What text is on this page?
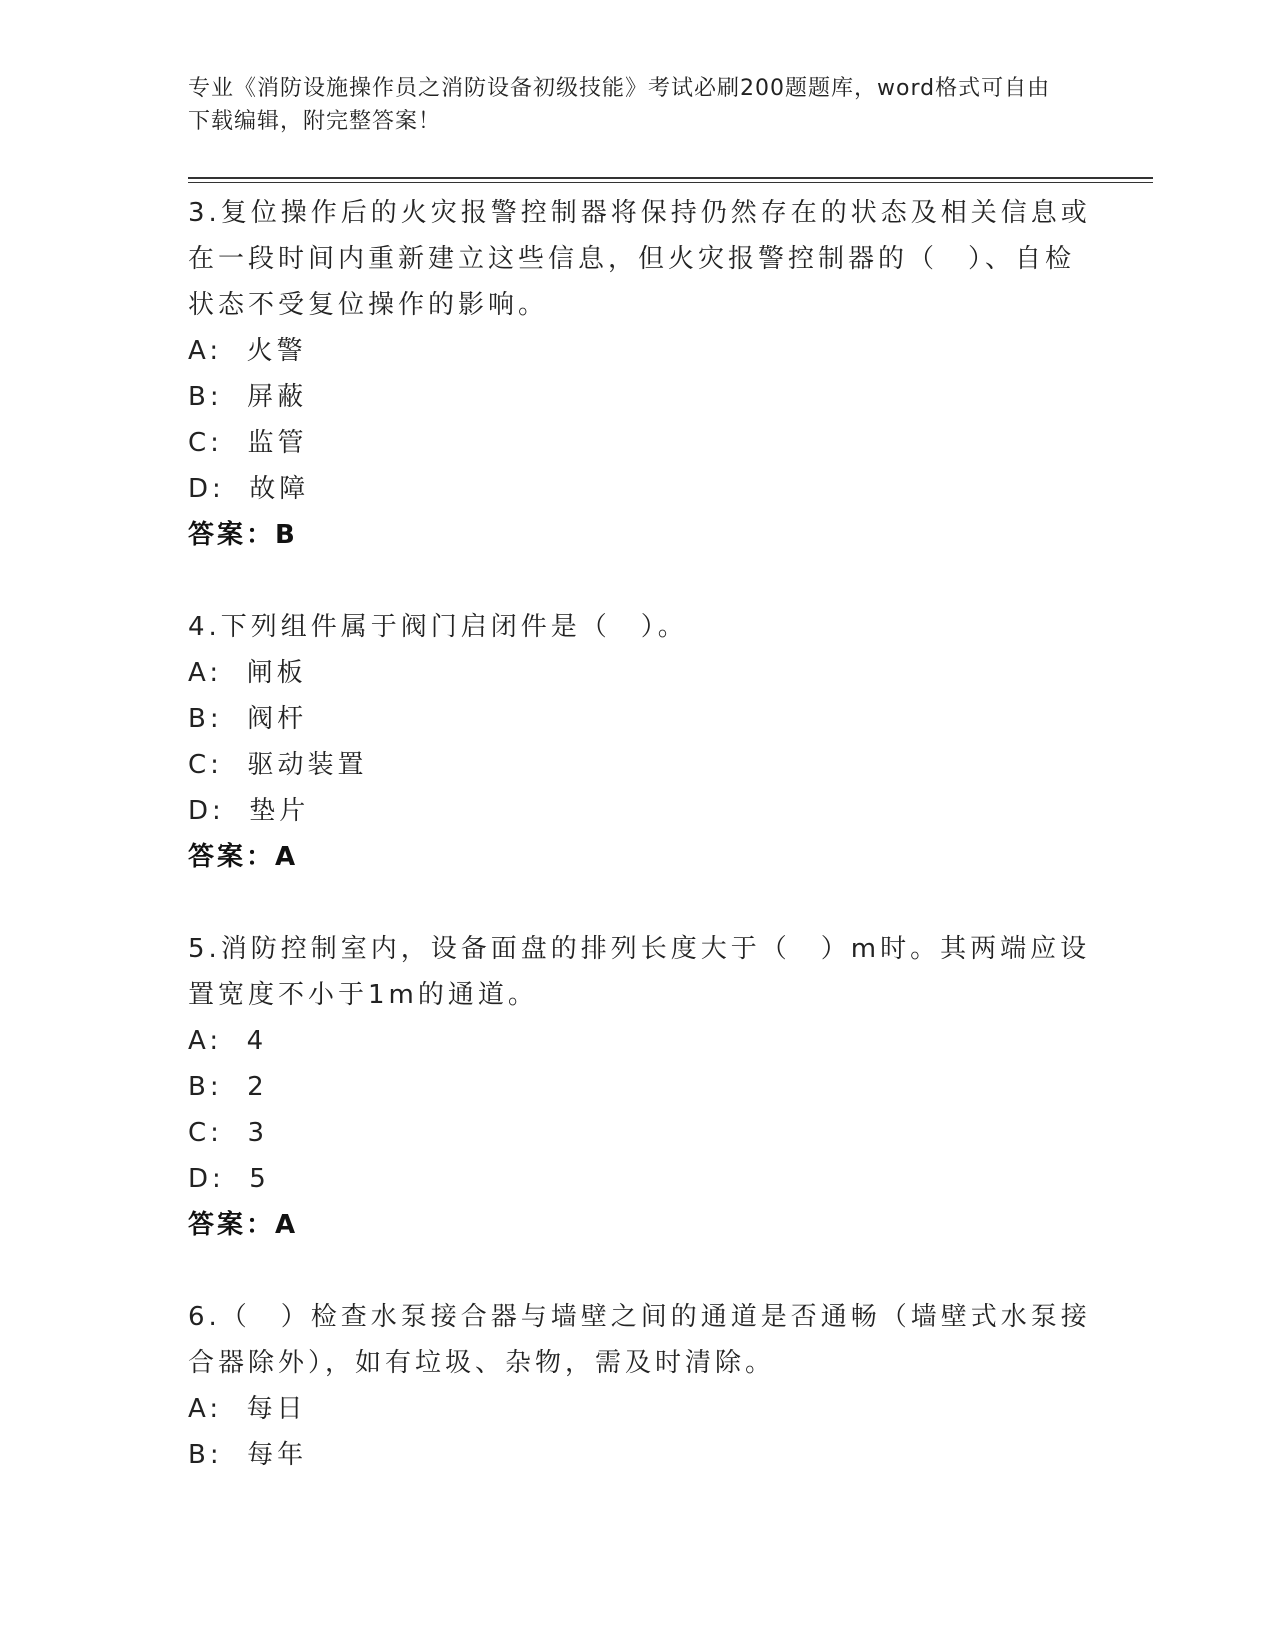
专业《消防设施操作员之消防设备初级技能》考试必刷200题题库，word格式可自由下载编辑，附完整答案！
3.复位操作后的火灾报警控制器将保持仍然存在的状态及相关信息或在一段时间内重新建立这些信息，但火灾报警控制器的（　）、自检状态不受复位操作的影响。
A:  火警
B:  屏蔽
C:  监管
D:  故障
答案：B
4.下列组件属于阀门启闭件是（　）。
A:  闸板
B:  阀杆
C:  驱动装置
D:  垫片
答案：A
5.消防控制室内，设备面盘的排列长度大于（　）m时。其两端应设置宽度不小于1m的通道。
A:  4
B:  2
C:  3
D:  5
答案：A
6.（　）检查水泵接合器与墙壁之间的通道是否通畅（墙壁式水泵接合器除外），如有垃圾、杂物，需及时清除。
A:  每日
B:  每年
